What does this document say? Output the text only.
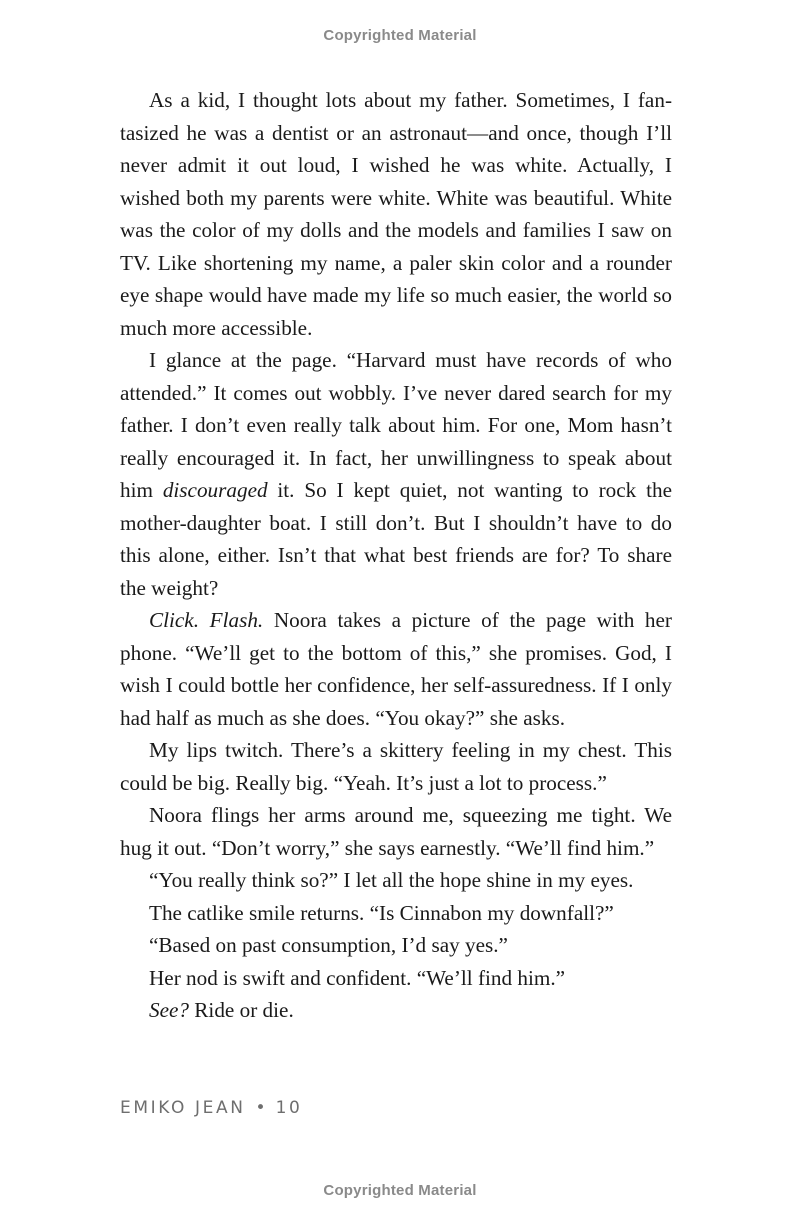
Copyrighted Material

As a kid, I thought lots about my father. Sometimes, I fantasized he was a dentist or an astronaut—and once, though I’ll never admit it out loud, I wished he was white. Actually, I wished both my parents were white. White was beautiful. White was the color of my dolls and the models and families I saw on TV. Like shortening my name, a paler skin color and a rounder eye shape would have made my life so much easier, the world so much more accessible.

I glance at the page. “Harvard must have records of who attended.” It comes out wobbly. I’ve never dared search for my father. I don’t even really talk about him. For one, Mom hasn’t really encouraged it. In fact, her unwillingness to speak about him discouraged it. So I kept quiet, not wanting to rock the mother-daughter boat. I still don’t. But I shouldn’t have to do this alone, either. Isn’t that what best friends are for? To share the weight?

Click. Flash. Noora takes a picture of the page with her phone. “We’ll get to the bottom of this,” she promises. God, I wish I could bottle her confidence, her self-assuredness. If I only had half as much as she does. “You okay?” she asks.

My lips twitch. There’s a skittery feeling in my chest. This could be big. Really big. “Yeah. It’s just a lot to process.”

Noora flings her arms around me, squeezing me tight. We hug it out. “Don’t worry,” she says earnestly. “We’ll find him.”

“You really think so?” I let all the hope shine in my eyes.

The catlike smile returns. “Is Cinnabon my downfall?”

“Based on past consumption, I’d say yes.”

Her nod is swift and confident. “We’ll find him.”

See? Ride or die.

EMIKO JEAN • 10
Copyrighted Material
